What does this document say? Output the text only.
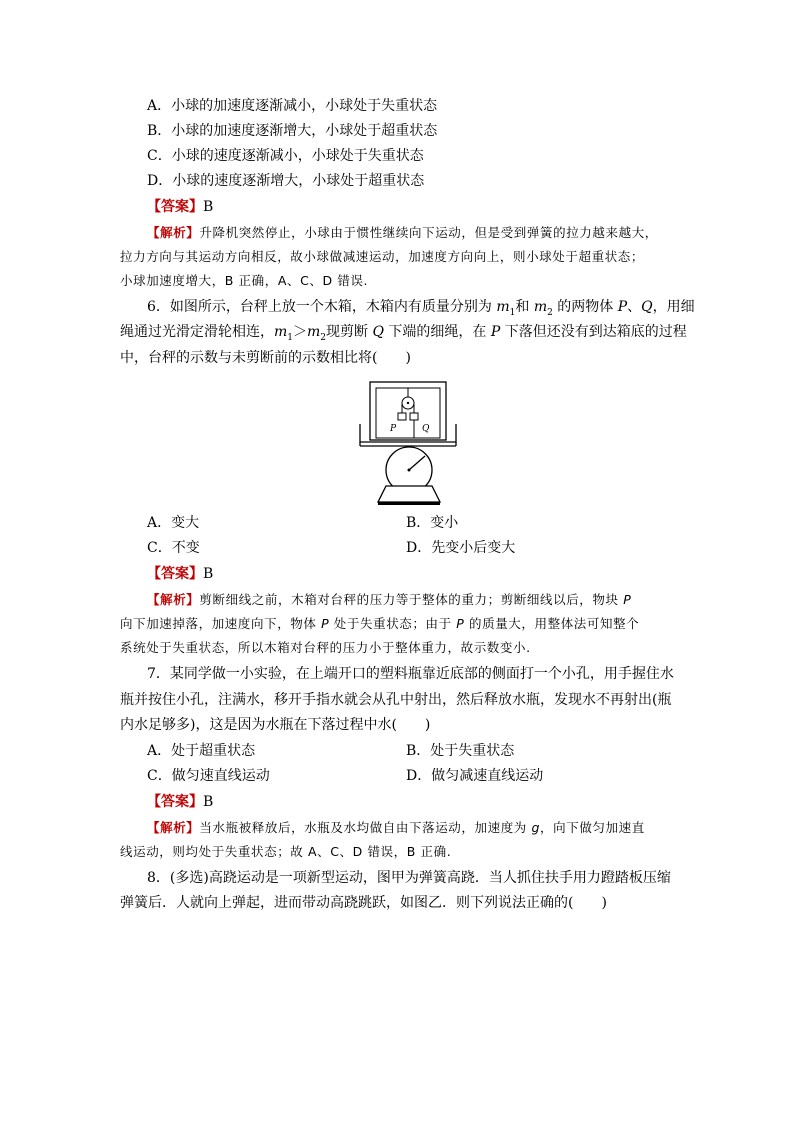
A．小球的加速度逐渐减小，小球处于失重状态
B．小球的加速度逐渐增大，小球处于超重状态
C．小球的速度逐渐减小，小球处于失重状态
D．小球的速度逐渐增大，小球处于超重状态
【答案】B
【解析】升降机突然停止，小球由于惯性继续向下运动，但是受到弹簧的拉力越来越大，
拉力方向与其运动方向相反，故小球做减速运动，加速度方向向上，则小球处于超重状态；
小球加速度增大，B 正确，A、C、D 错误.
6．如图所示，台秤上放一个木箱，木箱内有质量分别为 $m_1$和 $m_2$ 的两物体 P、Q，用细
绳通过光滑定滑轮相连，$m_1>m_2$现剪断 Q 下端的细绳，在 P 下落但还没有到达箱底的过程
中，台秤的示数与未剪断前的示数相比将(　　)
P	Q
A．变大	B．变小
C．不变	D．先变小后变大
【答案】B
【解析】剪断细线之前，木箱对台秤的压力等于整体的重力；剪断细线以后，物块 P
向下加速掉落，加速度向下，物体 P 处于失重状态；由于 P 的质量大，用整体法可知整个
系统处于失重状态，所以木箱对台秤的压力小于整体重力，故示数变小.
7．某同学做一小实验，在上端开口的塑料瓶靠近底部的侧面打一个小孔，用手握住水
瓶并按住小孔，注满水，移开手指水就会从孔中射出，然后释放水瓶，发现水不再射出(瓶
内水足够多)，这是因为水瓶在下落过程中水(　　)
A．处于超重状态	B．处于失重状态
C．做匀速直线运动	D．做匀减速直线运动
【答案】B
【解析】当水瓶被释放后，水瓶及水均做自由下落运动，加速度为 g，向下做匀加速直
线运动，则均处于失重状态；故 A、C、D 错误，B 正确.
8．(多选)高跷运动是一项新型运动，图甲为弹簧高跷．当人抓住扶手用力蹬踏板压缩
弹簧后．人就向上弹起，进而带动高跷跳跃，如图乙．则下列说法正确的(　　)
